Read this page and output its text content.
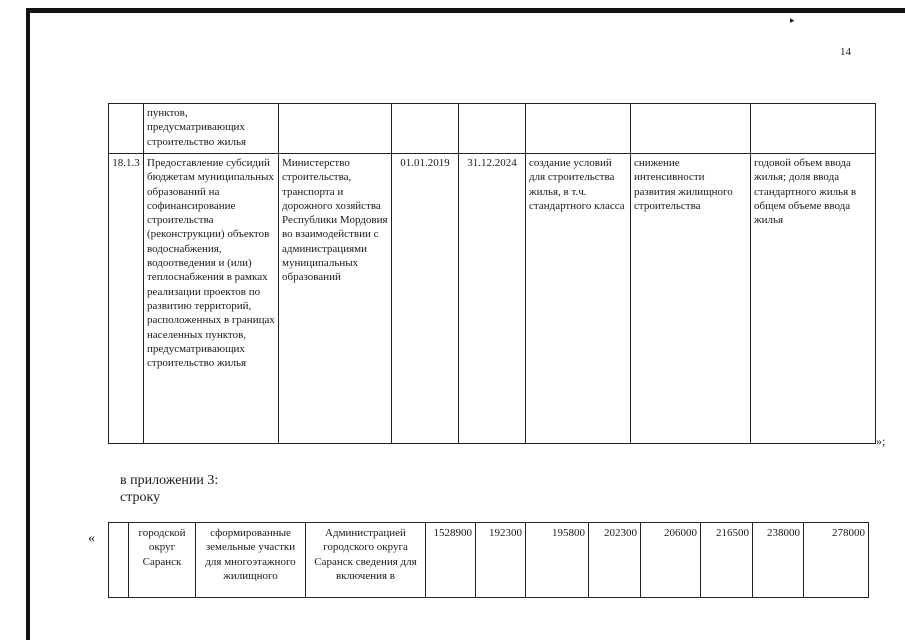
▸
14
	пунктов, предусматривающих строительство жилья						
18.1.3	Предоставление субсидий бюджетам муниципальных образований на софинансирование строительства (реконструкции) объектов водоснабжения, водоотведения и (или) теплоснабжения в рамках реализации проектов по развитию территорий, расположенных в границах населенных пунктов, предусматривающих строительство жилья	Министерство строительства, транспорта и дорожного хозяйства Республики Мордовия во взаимодействии с администрациями муниципальных образований	01.01.2019	31.12.2024	создание условий для строительства жилья, в т.ч. стандартного класса	снижение интенсивности развития жилищного строительства	годовой объем ввода жилья; доля ввода стандартного жилья в общем объеме ввода жилья
»;
в приложении 3:
строку
«
		городской округ Саранск	сформированные земельные участки для многоэтажного жилищного	Администрацией городского округа Саранск сведения для включения в	1528900	192300	195800	202300	206000	216500	238000	278000
